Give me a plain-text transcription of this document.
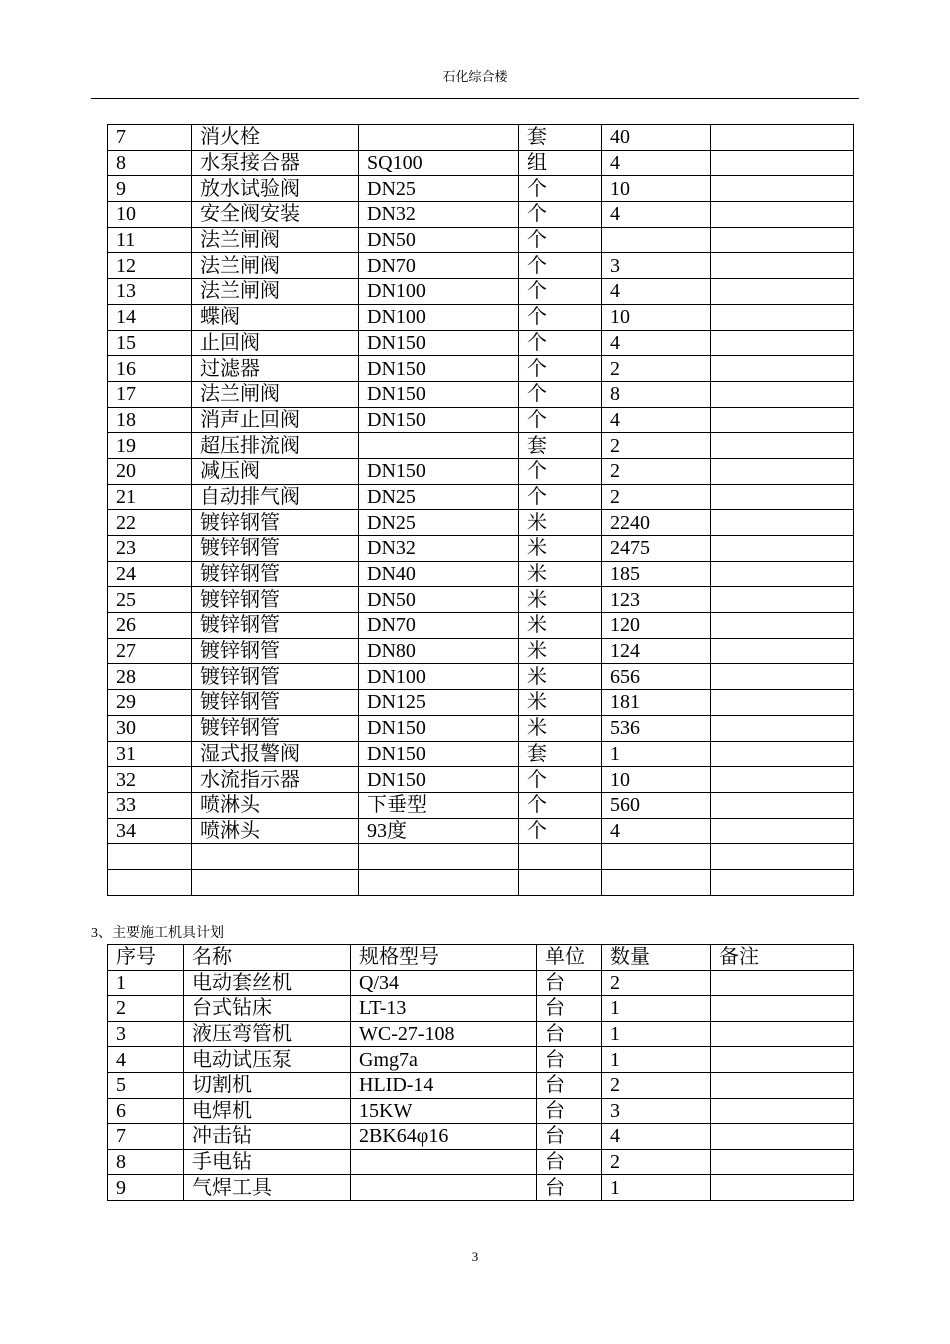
石化综合楼
7	消火栓		套	40	
8	水泵接合器	SQ100	组	4	
9	放水试验阀	DN25	个	10	
10	安全阀安装	DN32	个	4	
11	法兰闸阀	DN50	个		
12	法兰闸阀	DN70	个	3	
13	法兰闸阀	DN100	个	4	
14	蝶阀	DN100	个	10	
15	止回阀	DN150	个	4	
16	过滤器	DN150	个	2	
17	法兰闸阀	DN150	个	8	
18	消声止回阀	DN150	个	4	
19	超压排流阀		套	2	
20	减压阀	DN150	个	2	
21	自动排气阀	DN25	个	2	
22	镀锌钢管	DN25	米	2240	
23	镀锌钢管	DN32	米	2475	
24	镀锌钢管	DN40	米	185	
25	镀锌钢管	DN50	米	123	
26	镀锌钢管	DN70	米	120	
27	镀锌钢管	DN80	米	124	
28	镀锌钢管	DN100	米	656	
29	镀锌钢管	DN125	米	181	
30	镀锌钢管	DN150	米	536	
31	湿式报警阀	DN150	套	1	
32	水流指示器	DN150	个	10	
33	喷淋头	下垂型	个	560	
34	喷淋头	93度	个	4	

3、主要施工机具计划
序号	名称	规格型号	单位	数量	备注
1	电动套丝机	Q/34	台	2	
2	台式钻床	LT-13	台	1	
3	液压弯管机	WC-27-108	台	1	
4	电动试压泵	Gmg7a	台	1	
5	切割机	HLID-14	台	2	
6	电焊机	15KW	台	3	
7	冲击钻	2BK64φ16	台	4	
8	手电钻		台	2	
9	气焊工具		台	1	
3
